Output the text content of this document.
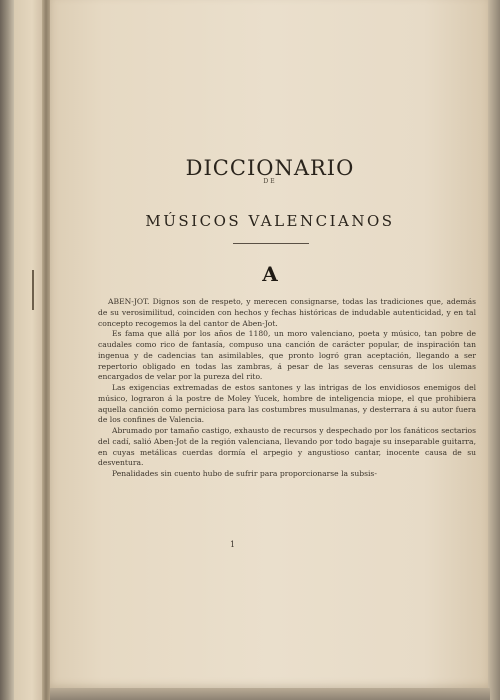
DICCIONARIO
DE
MÚSICOS VALENCIANOS
A

ABEN-JOT. Dignos son de respeto, y merecen consignarse, todas las tradiciones que, además de su verosimilitud, coinciden con hechos y fechas históricas de indudable autenticidad, y en tal concepto recogemos la del cantor de Aben-Jot.

Es fama que allá por los años de 1180, un moro valenciano, poeta y músico, tan pobre de caudales como rico de fantasía, compuso una canción de carácter popular, de inspiración tan ingenua y de cadencias tan asimilables, que pronto logró gran aceptación, llegando a ser repertorio obligado en todas las zambras, á pesar de las severas censuras de los ulemas encargados de velar por la pureza del rito.

Las exigencias extremadas de estos santones y las intrigas de los envidiosos enemigos del músico, lograron á la postre de Moley Yucek, hombre de inteligencia miope, el que prohibiera aquella canción como perniciosa para las costumbres musulmanas, y desterrara á su autor fuera de los confines de Valencia.

Abrumado por tamaño castigo, exhausto de recursos y despechado por los fanáticos sectarios del cadí, salió Aben-Jot de la región valenciana, llevando por todo bagaje su inseparable guitarra, en cuyas metálicas cuerdas dormía el arpegio y angustioso cantar, inocente causa de su desventura.

Penalidades sin cuento hubo de sufrir para proporcionarse la subsis-

1
